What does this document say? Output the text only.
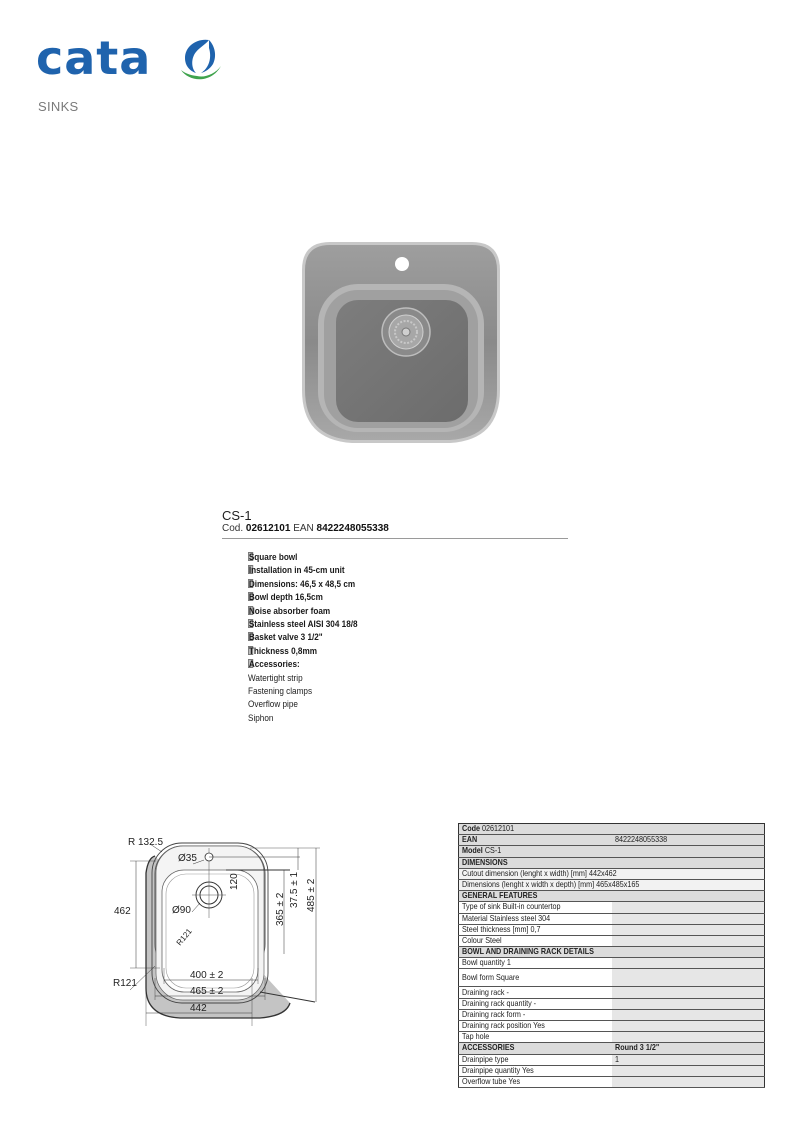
cata
SINKS
CS-1
Cod. 02612101 EAN 8422248055338
Square bowl
Installation in 45-cm unit
Dimensions: 46,5 x 48,5 cm
Bowl depth 16,5cm
Noise absorber foam
Stainless steel AISI 304 18/8
Basket valve 3 1/2"
Thickness 0,8mm
Accessories:
Watertight strip
Fastening clamps
Overflow pipe
Siphon
R 132.5
Ø35
Ø90
462
R121
400 ± 2
465 ± 2
442
120
365 ± 2
37.5 ± 1 485 ± 2
R121
Code 02612101	
EAN	8422248055338
Model CS-1	
DIMENSIONS	
Cutout dimension (lenght x width) [mm] 442x462	
Dimensions (lenght x width x depth) [mm] 465x485x165	
GENERAL FEATURES	
Type of sink Built-in countertop	
Material Stainless steel 304	
Steel thickness [mm] 0,7	
Colour Steel	
BOWL AND DRAINING RACK DETAILS	
Bowl quantity 1	
Bowl form Square	
Draining rack -	
Draining rack quantity -	
Draining rack form -	
Draining rack position Yes	
Tap hole	
ACCESSORIES	Round 3 1/2"
Drainpipe type	1
Drainpipe quantity Yes	
Overflow tube Yes	
